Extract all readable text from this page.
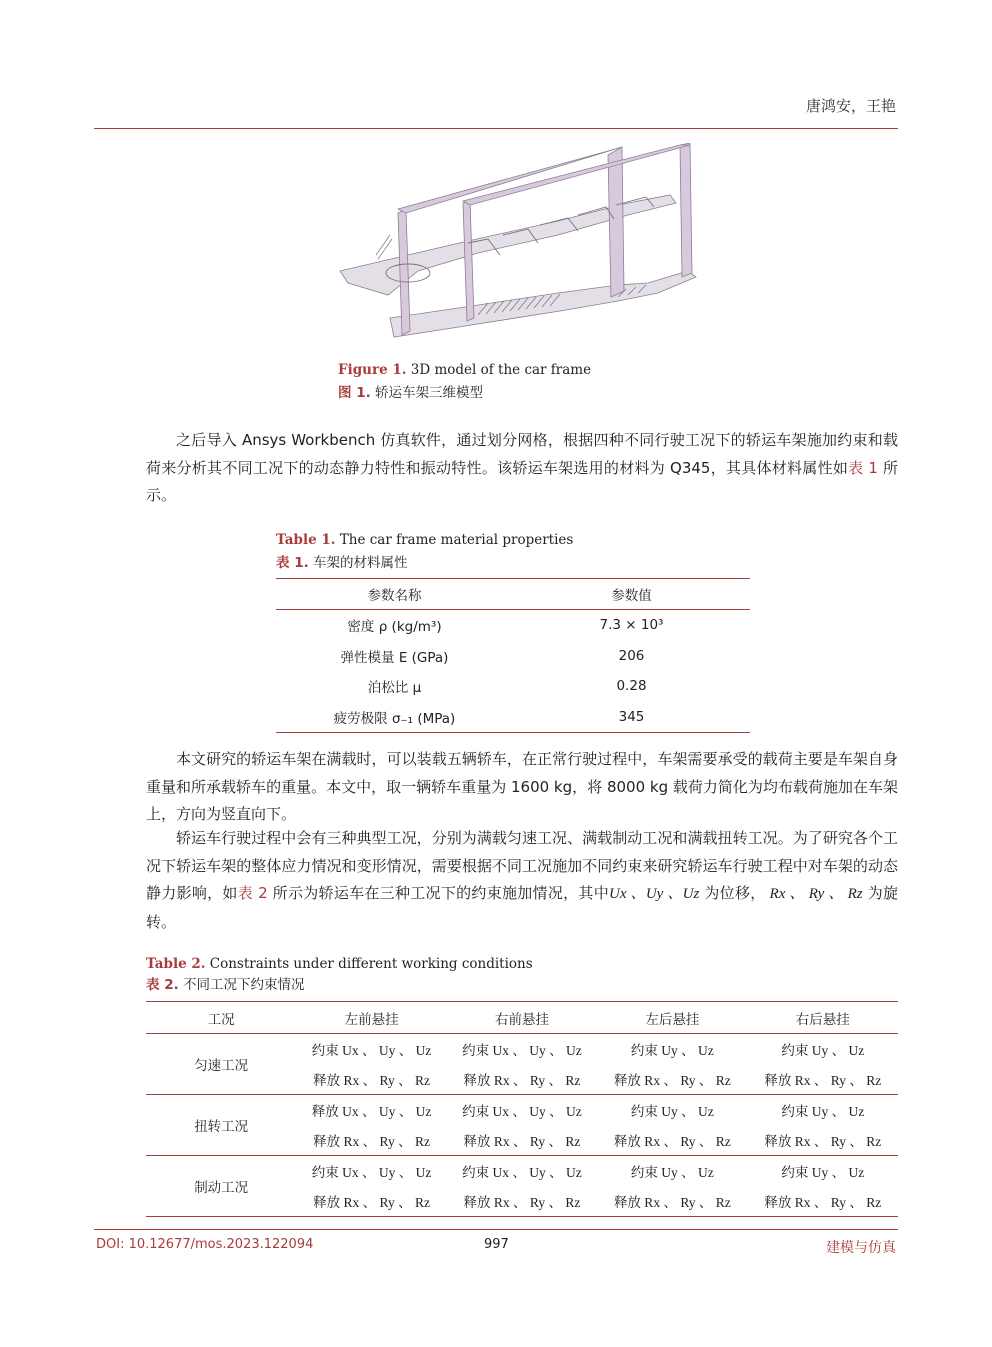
唐鸿安，王艳
Figure 1. 3D model of the car frame
图 1. 轿运车架三维模型
之后导入 Ansys Workbench 仿真软件，通过划分网格，根据四种不同行驶工况下的轿运车架施加约束和载荷来分析其不同工况下的动态静力特性和振动特性。该轿运车架选用的材料为 Q345，其具体材料属性如表 1 所示。
Table 1. The car frame material properties
表 1. 车架的材料属性
参数名称	参数值
密度 ρ (kg/m³)	7.3 × 10³
弹性模量 E (GPa)	206
泊松比 μ	0.28
疲劳极限 σ₋₁ (MPa)	345
本文研究的轿运车架在满载时，可以装载五辆轿车，在正常行驶过程中，车架需要承受的载荷主要是车架自身重量和所承载轿车的重量。本文中，取一辆轿车重量为 1600 kg，将 8000 kg 载荷力简化为均布载荷施加在车架上，方向为竖直向下。
轿运车行驶过程中会有三种典型工况，分别为满载匀速工况、满载制动工况和满载扭转工况。为了研究各个工况下轿运车架的整体应力情况和变形情况，需要根据不同工况施加不同约束来研究轿运车行驶工程中对车架的动态静力影响，如表 2 所示为轿运车在三种工况下的约束施加情况，其中Ux 、Uy 、Uz 为位移， Rx 、 Ry 、 Rz 为旋转。
Table 2. Constraints under different working conditions
表 2. 不同工况下约束情况
工况	左前悬挂	右前悬挂	左后悬挂	右后悬挂
匀速工况	约束 Ux 、 Uy 、 Uz	约束 Ux 、 Uy 、 Uz	约束 Uy 、 Uz	约束 Uy 、 Uz
	释放 Rx 、 Ry 、 Rz	释放 Rx 、 Ry 、 Rz	释放 Rx 、 Ry 、 Rz	释放 Rx 、 Ry 、 Rz
扭转工况	释放 Ux 、 Uy 、 Uz	约束 Ux 、 Uy 、 Uz	约束 Uy 、 Uz	约束 Uy 、 Uz
	释放 Rx 、 Ry 、 Rz	释放 Rx 、 Ry 、 Rz	释放 Rx 、 Ry 、 Rz	释放 Rx 、 Ry 、 Rz
制动工况	约束 Ux 、 Uy 、 Uz	约束 Ux 、 Uy 、 Uz	约束 Uy 、 Uz	约束 Uy 、 Uz
	释放 Rx 、 Ry 、 Rz	释放 Rx 、 Ry 、 Rz	释放 Rx 、 Ry 、 Rz	释放 Rx 、 Ry 、 Rz
DOI: 10.12677/mos.2023.122094	997	建模与仿真
